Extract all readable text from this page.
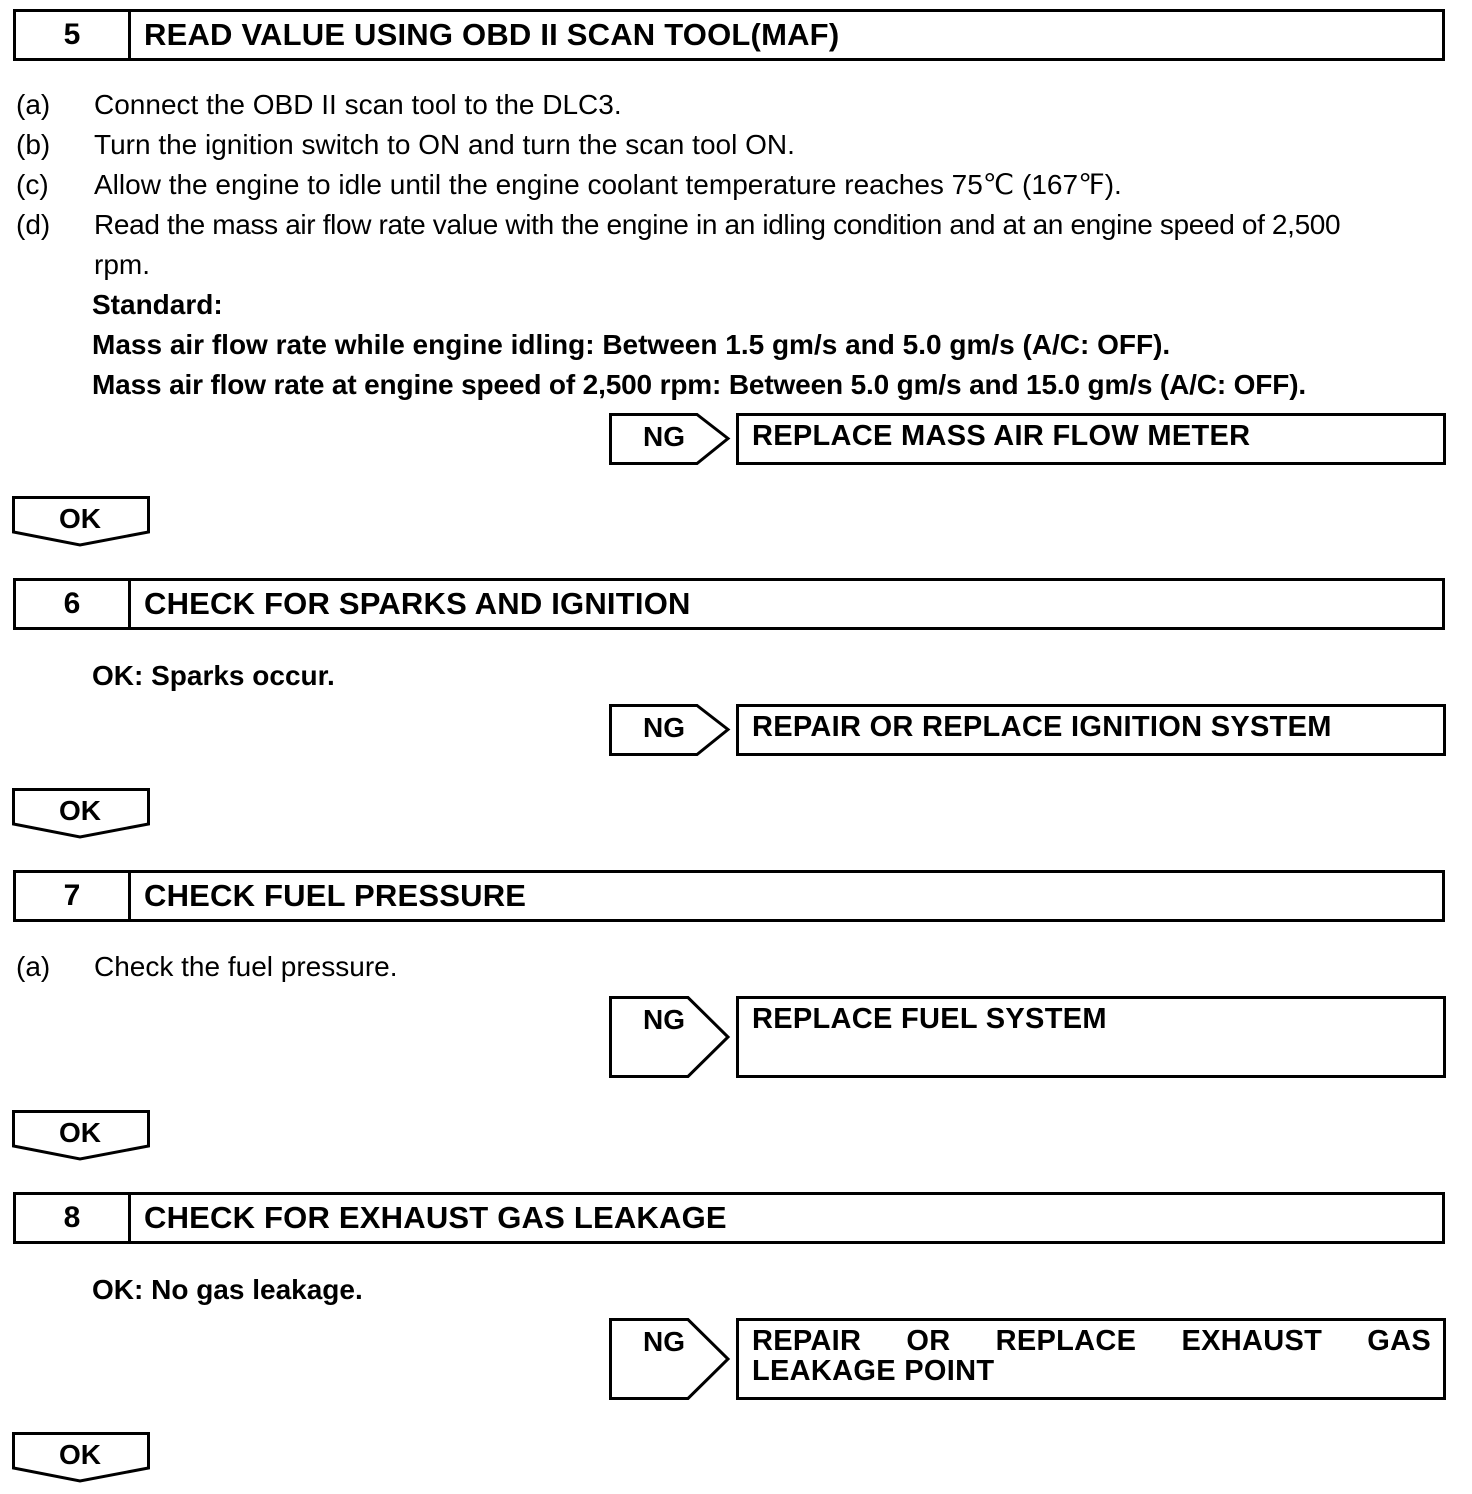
5	READ VALUE USING OBD II SCAN TOOL(MAF)
(a) Connect the OBD II scan tool to the DLC3.
(b) Turn the ignition switch to ON and turn the scan tool ON.
(c) Allow the engine to idle until the engine coolant temperature reaches 75℃ (167℉).
(d) Read the mass air flow rate value with the engine in an idling condition and at an engine speed of 2,500
rpm.
Standard:
Mass air flow rate while engine idling: Between 1.5 gm/s and 5.0 gm/s (A/C: OFF).
Mass air flow rate at engine speed of 2,500 rpm: Between 5.0 gm/s and 15.0 gm/s (A/C: OFF).
NG	REPLACE MASS AIR FLOW METER
OK
6	CHECK FOR SPARKS AND IGNITION
OK: Sparks occur.
NG	REPAIR OR REPLACE IGNITION SYSTEM
OK
7	CHECK FUEL PRESSURE
(a) Check the fuel pressure.
NG	REPLACE FUEL SYSTEM
OK
8	CHECK FOR EXHAUST GAS LEAKAGE
OK: No gas leakage.
NG	REPAIR OR REPLACE EXHAUST GAS
LEAKAGE POINT
OK
